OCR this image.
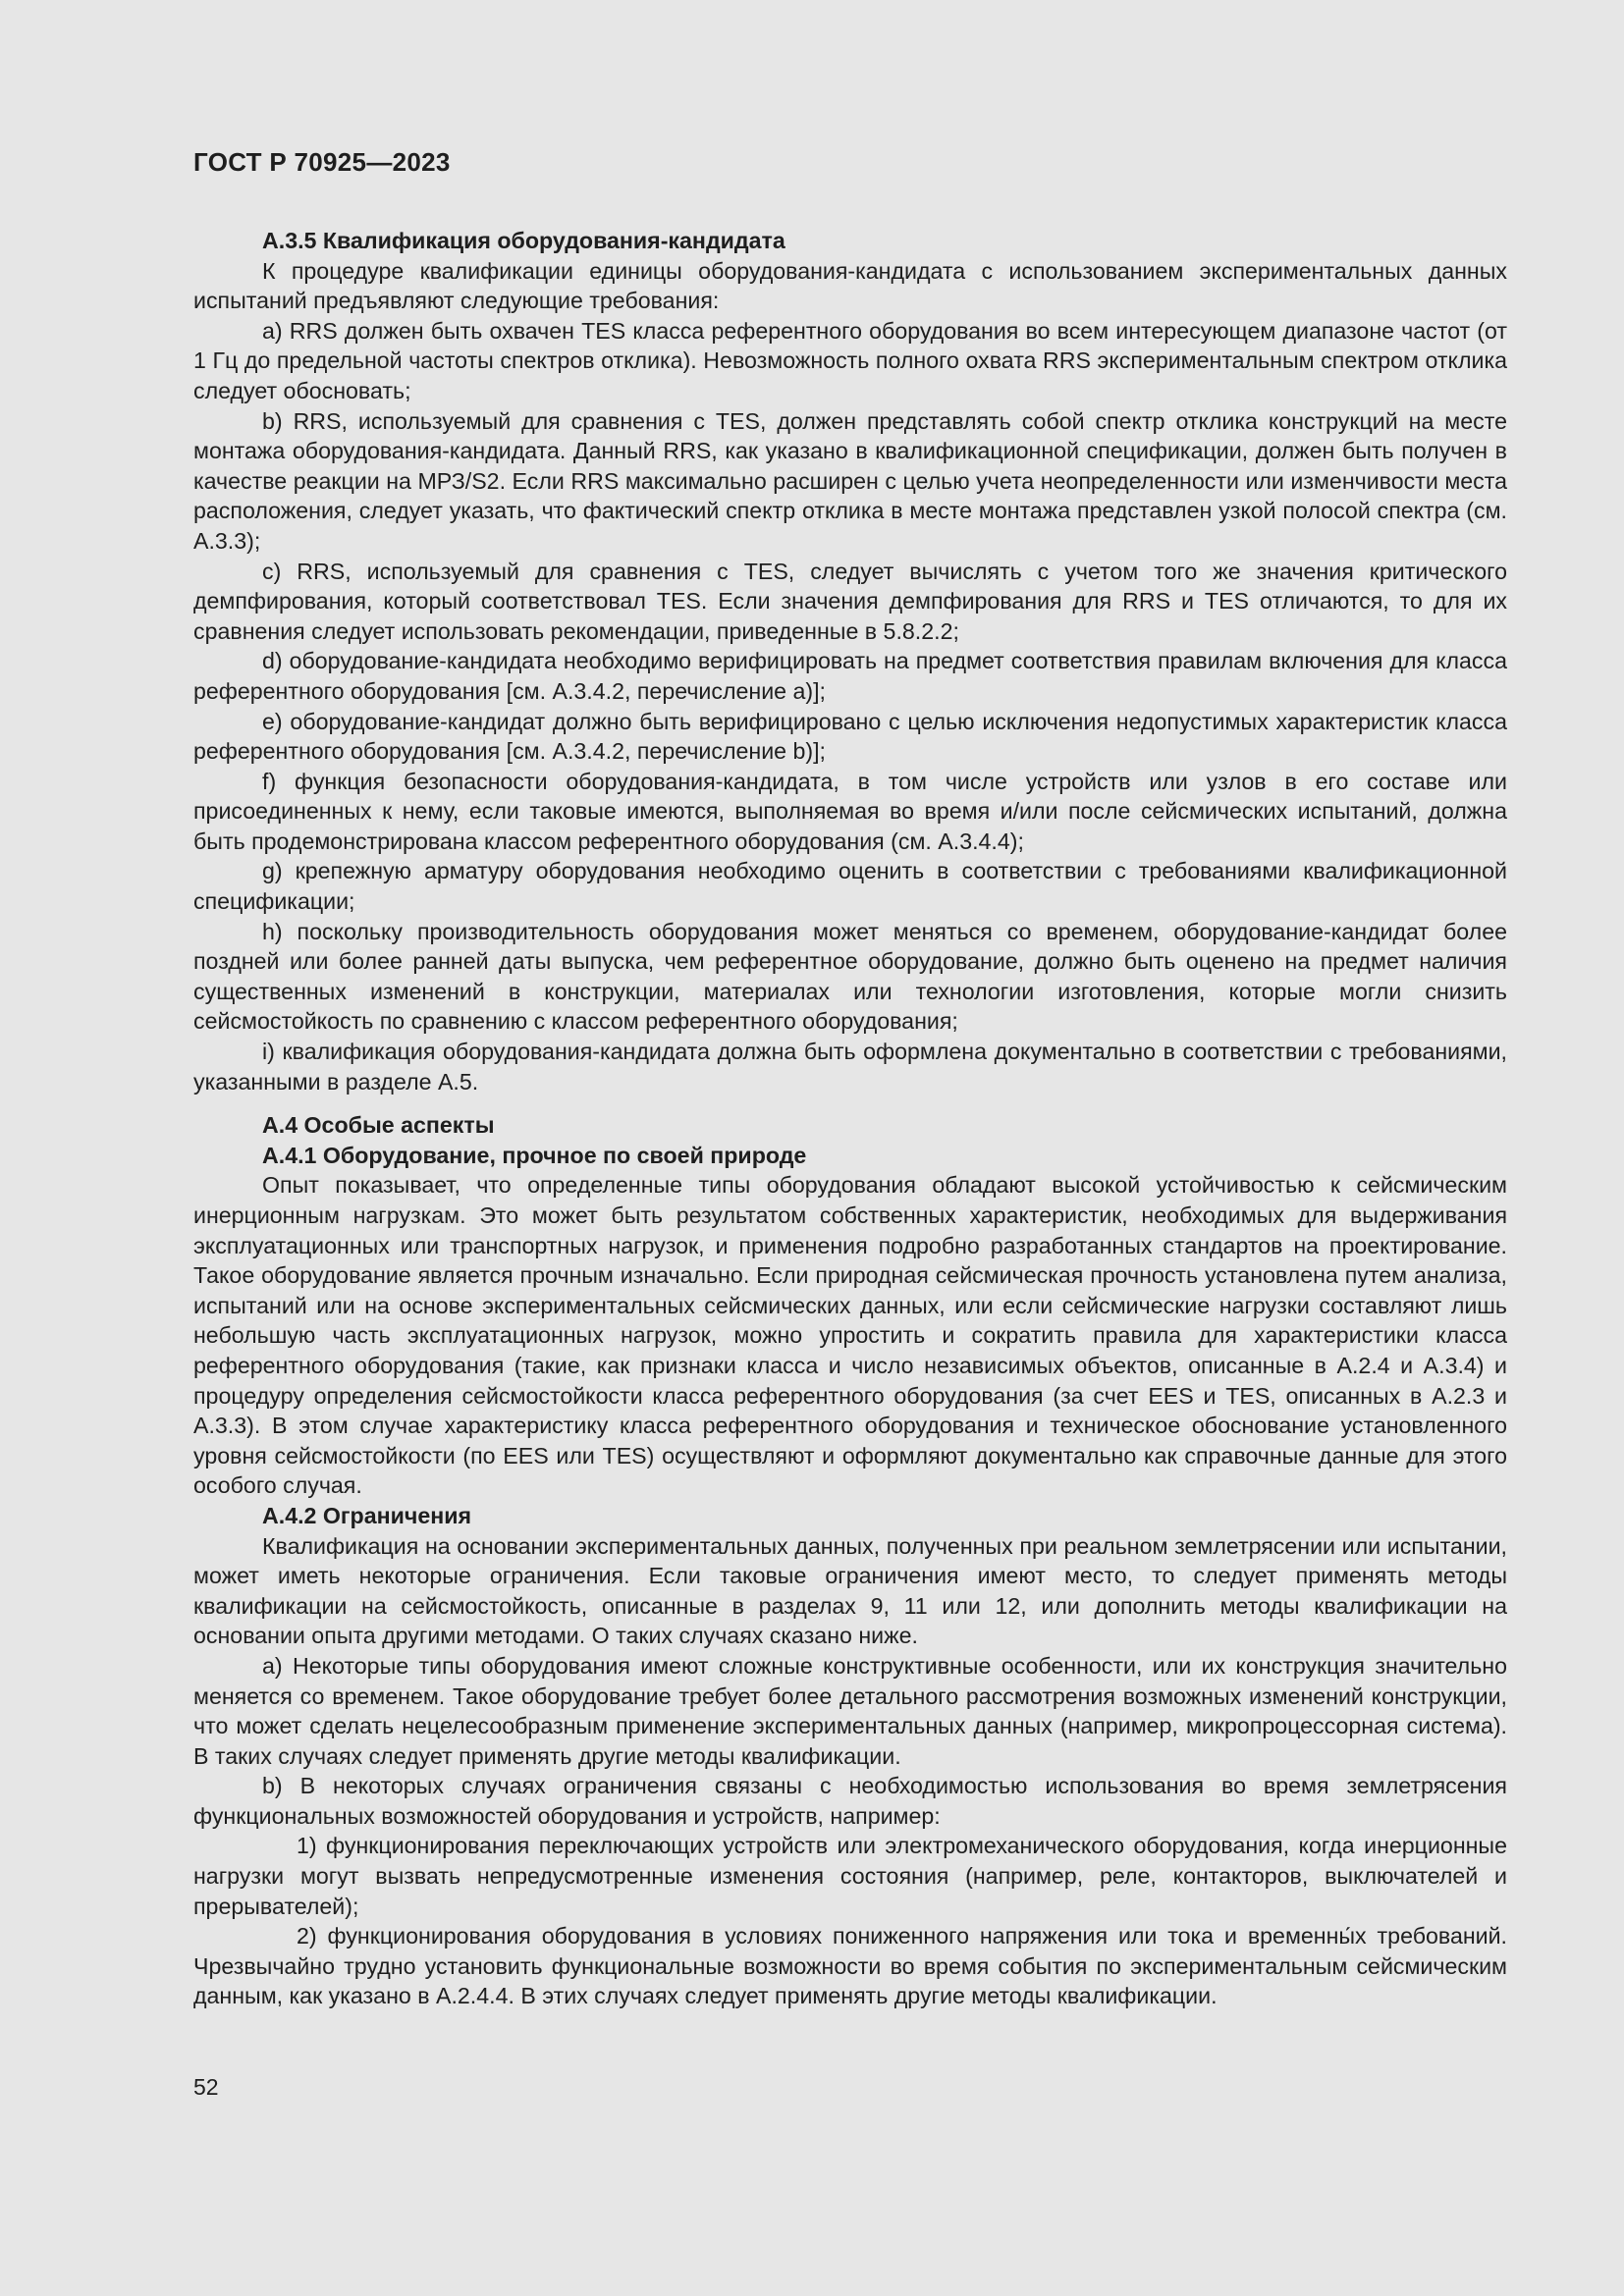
ГОСТ Р 70925—2023
A.3.5 Квалификация оборудования-кандидата

К процедуре квалификации единицы оборудования-кандидата с использованием экспериментальных данных испытаний предъявляют следующие требования:

a) RRS должен быть охвачен TES класса референтного оборудования во всем интересующем диапазоне частот (от 1 Гц до предельной частоты спектров отклика). Невозможность полного охвата RRS экспериментальным спектром отклика следует обосновать;

b) RRS, используемый для сравнения с TES, должен представлять собой спектр отклика конструкций на месте монтажа оборудования-кандидата. Данный RRS, как указано в квалификационной спецификации, должен быть получен в качестве реакции на МРЗ/S2. Если RRS максимально расширен с целью учета неопределенности или изменчивости места расположения, следует указать, что фактический спектр отклика в месте монтажа представлен узкой полосой спектра (см. A.3.3);

c) RRS, используемый для сравнения с TES, следует вычислять с учетом того же значения критического демпфирования, который соответствовал TES. Если значения демпфирования для RRS и TES отличаются, то для их сравнения следует использовать рекомендации, приведенные в 5.8.2.2;

d) оборудование-кандидата необходимо верифицировать на предмет соответствия правилам включения для класса референтного оборудования [см. A.3.4.2, перечисление a)];

e) оборудование-кандидат должно быть верифицировано с целью исключения недопустимых характеристик класса референтного оборудования [см. A.3.4.2, перечисление b)];

f) функция безопасности оборудования-кандидата, в том числе устройств или узлов в его составе или присоединенных к нему, если таковые имеются, выполняемая во время и/или после сейсмических испытаний, должна быть продемонстрирована классом референтного оборудования (см. A.3.4.4);

g) крепежную арматуру оборудования необходимо оценить в соответствии с требованиями квалификационной спецификации;

h) поскольку производительность оборудования может меняться со временем, оборудование-кандидат более поздней или более ранней даты выпуска, чем референтное оборудование, должно быть оценено на предмет наличия существенных изменений в конструкции, материалах или технологии изготовления, которые могли снизить сейсмостойкость по сравнению с классом референтного оборудования;

i) квалификация оборудования-кандидата должна быть оформлена документально в соответствии с требованиями, указанными в разделе A.5.

A.4 Особые аспекты
A.4.1 Оборудование, прочное по своей природе

Опыт показывает, что определенные типы оборудования обладают высокой устойчивостью к сейсмическим инерционным нагрузкам. Это может быть результатом собственных характеристик, необходимых для выдерживания эксплуатационных или транспортных нагрузок, и применения подробно разработанных стандартов на проектирование. Такое оборудование является прочным изначально. Если природная сейсмическая прочность установлена путем анализа, испытаний или на основе экспериментальных сейсмических данных, или если сейсмические нагрузки составляют лишь небольшую часть эксплуатационных нагрузок, можно упростить и сократить правила для характеристики класса референтного оборудования (такие, как признаки класса и число независимых объектов, описанные в A.2.4 и A.3.4) и процедуру определения сейсмостойкости класса референтного оборудования (за счет EES и TES, описанных в A.2.3 и A.3.3). В этом случае характеристику класса референтного оборудования и техническое обоснование установленного уровня сейсмостойкости (по EES или TES) осуществляют и оформляют документально как справочные данные для этого особого случая.

A.4.2 Ограничения

Квалификация на основании экспериментальных данных, полученных при реальном землетрясении или испытании, может иметь некоторые ограничения. Если таковые ограничения имеют место, то следует применять методы квалификации на сейсмостойкость, описанные в разделах 9, 11 или 12, или дополнить методы квалификации на основании опыта другими методами. О таких случаях сказано ниже.

a) Некоторые типы оборудования имеют сложные конструктивные особенности, или их конструкция значительно меняется со временем. Такое оборудование требует более детального рассмотрения возможных изменений конструкции, что может сделать нецелесообразным применение экспериментальных данных (например, микропроцессорная система). В таких случаях следует применять другие методы квалификации.

b) В некоторых случаях ограничения связаны с необходимостью использования во время землетрясения функциональных возможностей оборудования и устройств, например:

1) функционирования переключающих устройств или электромеханического оборудования, когда инерционные нагрузки могут вызвать непредусмотренные изменения состояния (например, реле, контакторов, выключателей и прерывателей);

2) функционирования оборудования в условиях пониженного напряжения или тока и временны́х требований. Чрезвычайно трудно установить функциональные возможности во время события по экспериментальным сейсмическим данным, как указано в A.2.4.4. В этих случаях следует применять другие методы квалификации.

52
